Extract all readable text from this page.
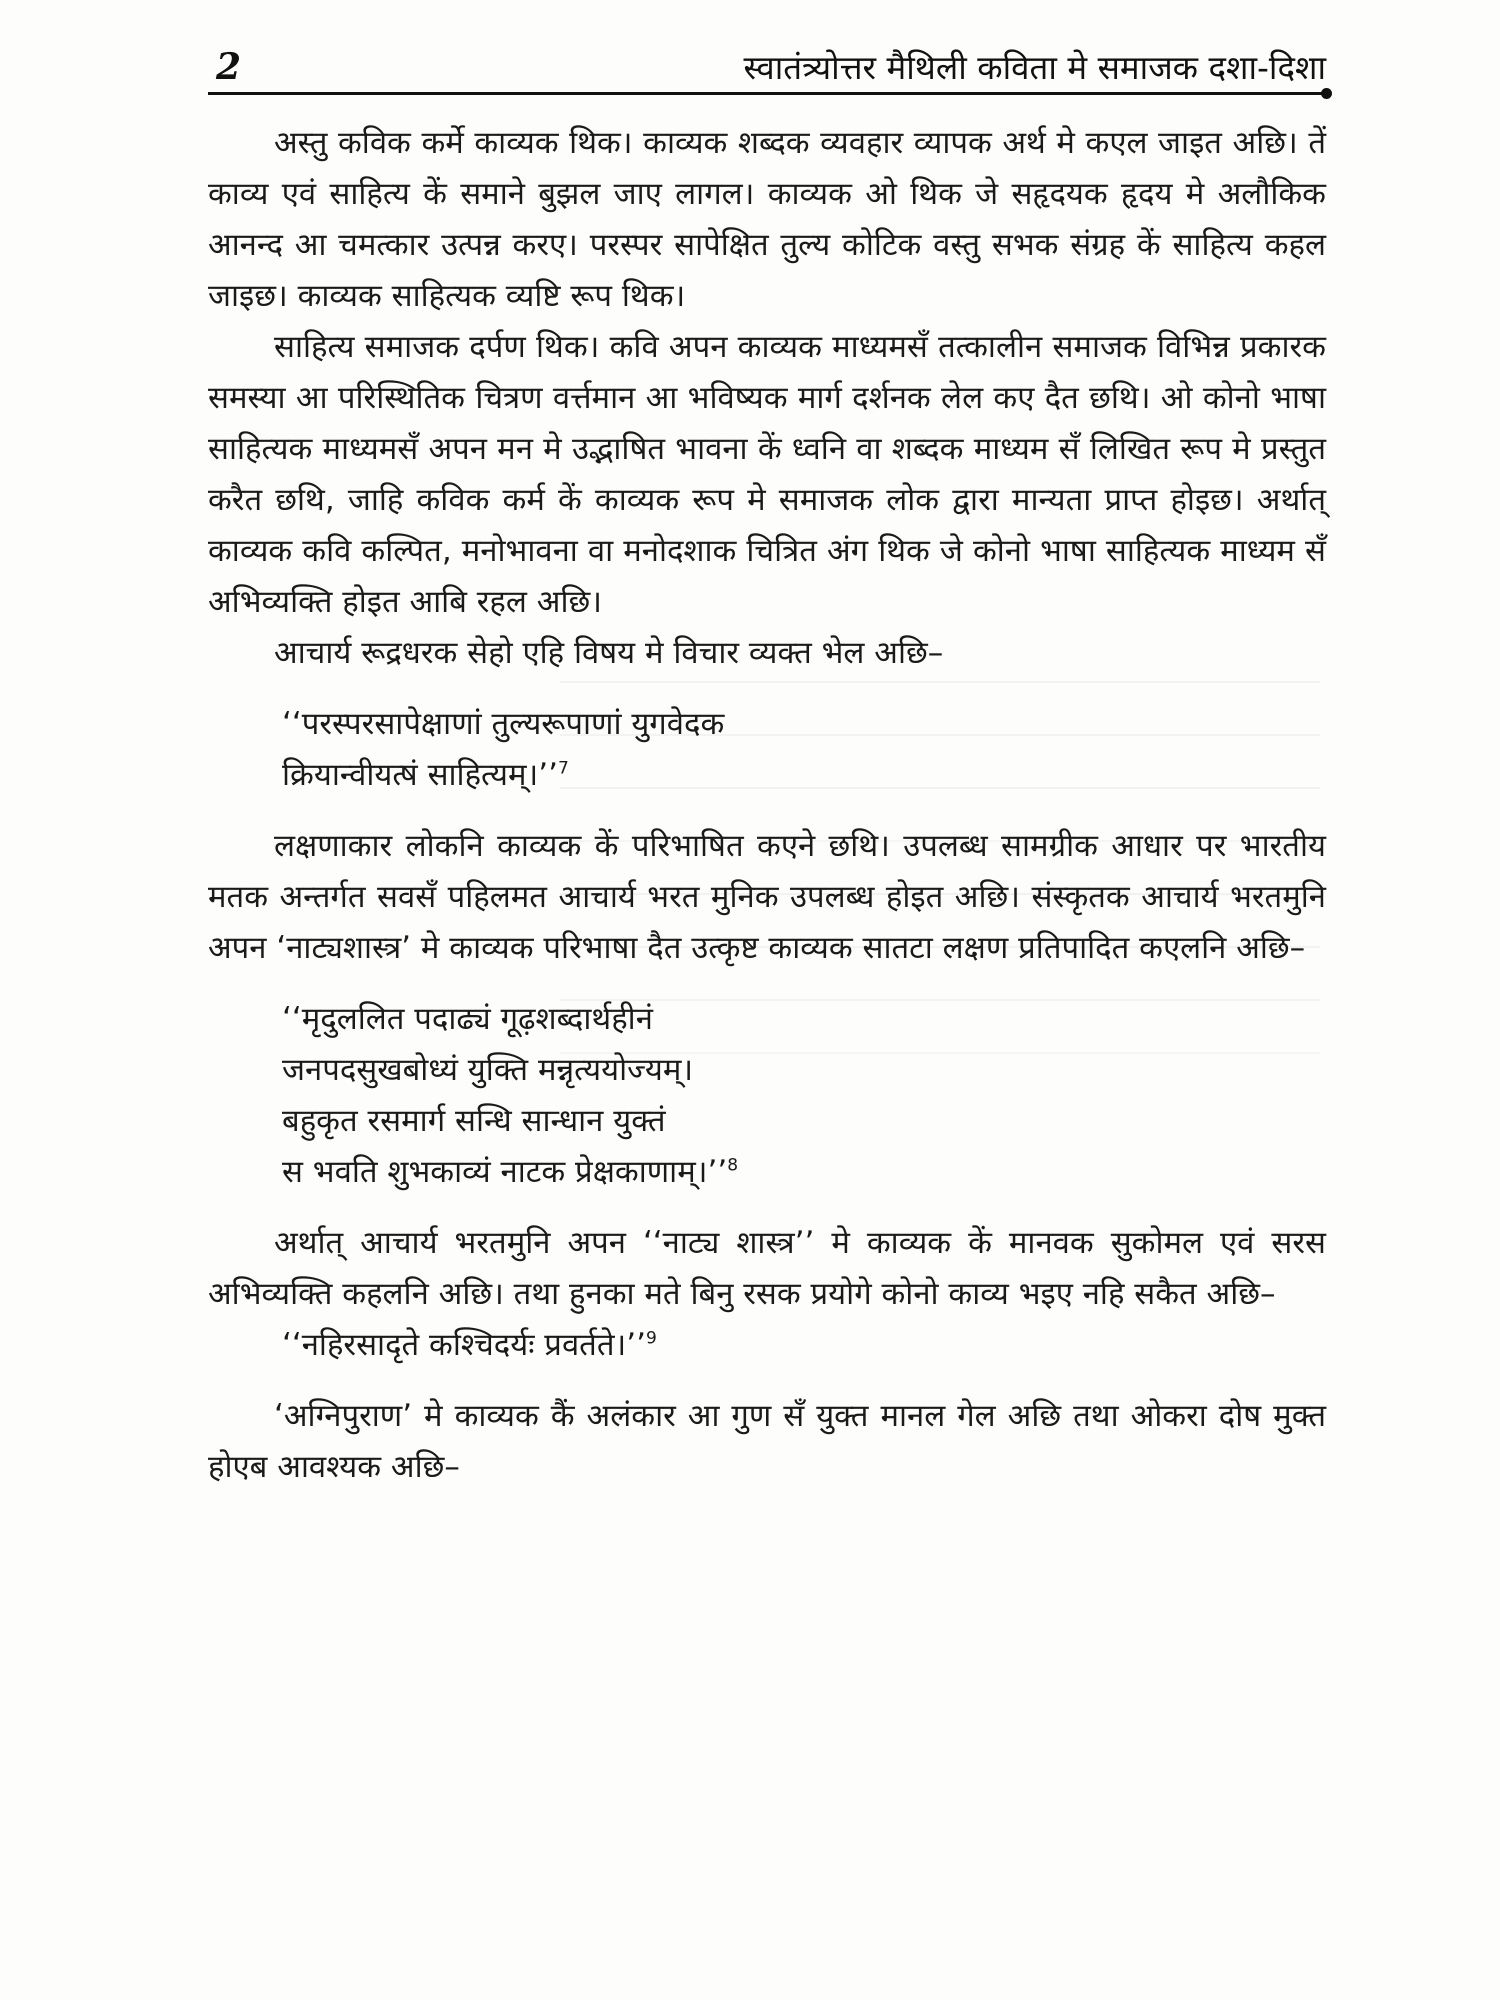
2	स्वातंत्र्योत्तर मैथिली कविता मे समाजक दशा-दिशा

अस्तु कविक कर्मे काव्यक थिक। काव्यक शब्दक व्यवहार व्यापक अर्थ मे कएल जाइत अछि। तें काव्य एवं साहित्य कें समाने बुझल जाए लागल। काव्यक ओ थिक जे सहृदयक हृदय मे अलौकिक आनन्द आ चमत्कार उत्पन्न करए। परस्पर सापेक्षित तुल्य कोटिक वस्तु सभक संग्रह कें साहित्य कहल जाइछ। काव्यक साहित्यक व्यष्टि रूप थिक।

साहित्य समाजक दर्पण थिक। कवि अपन काव्यक माध्यमसँ तत्कालीन समाजक विभिन्न प्रकारक समस्या आ परिस्थितिक चित्रण वर्त्तमान आ भविष्यक मार्ग दर्शनक लेल कए दैत छथि। ओ कोनो भाषा साहित्यक माध्यमसँ अपन मन मे उद्भाषित भावना कें ध्वनि वा शब्दक माध्यम सँ लिखित रूप मे प्रस्तुत करैत छथि, जाहि कविक कर्म कें काव्यक रूप मे समाजक लोक द्वारा मान्यता प्राप्त होइछ। अर्थात् काव्यक कवि कल्पित, मनोभावना वा मनोदशाक चित्रित अंग थिक जे कोनो भाषा साहित्यक माध्यम सँ अभिव्यक्ति होइत आबि रहल अछि।

आचार्य रूद्रधरक सेहो एहि विषय मे विचार व्यक्त भेल अछि–

‘‘परस्परसापेक्षाणां तुल्यरूपाणां युगवेदक

क्रियान्वीयत्षं साहित्यम्।’’$^7$

लक्षणाकार लोकनि काव्यक कें परिभाषित कएने छथि। उपलब्ध सामग्रीक आधार पर भारतीय मतक अन्तर्गत सवसँ पहिलमत आचार्य भरत मुनिक उपलब्ध होइत अछि। संस्कृतक आचार्य भरतमुनि अपन ‘नाट्यशास्त्र’ मे काव्यक परिभाषा दैत उत्कृष्ट काव्यक सातटा लक्षण प्रतिपादित कएलनि अछि–

‘‘मृदुललित पदाढ्यं गूढ़शब्दार्थहीनं

जनपदसुखबोध्यं युक्ति मन्नृत्ययोज्यम्।

बहुकृत रसमार्ग सन्धि सान्धान युक्तं

स भवति शुभकाव्यं नाटक प्रेक्षकाणाम्।’’$^8$

अर्थात् आचार्य भरतमुनि अपन ‘‘नाट्य शास्त्र’’ मे काव्यक कें मानवक सुकोमल एवं सरस अभिव्यक्ति कहलनि अछि। तथा हुनका मते बिनु रसक प्रयोगे कोनो काव्य भइए नहि सकैत अछि–

‘‘नहिरसादृते कश्चिदर्यः प्रवर्तते।’’$^9$

‘अग्निपुराण’ मे काव्यक कैं अलंकार आ गुण सँ युक्त मानल गेल अछि तथा ओकरा दोष मुक्त होएब आवश्यक अछि–
